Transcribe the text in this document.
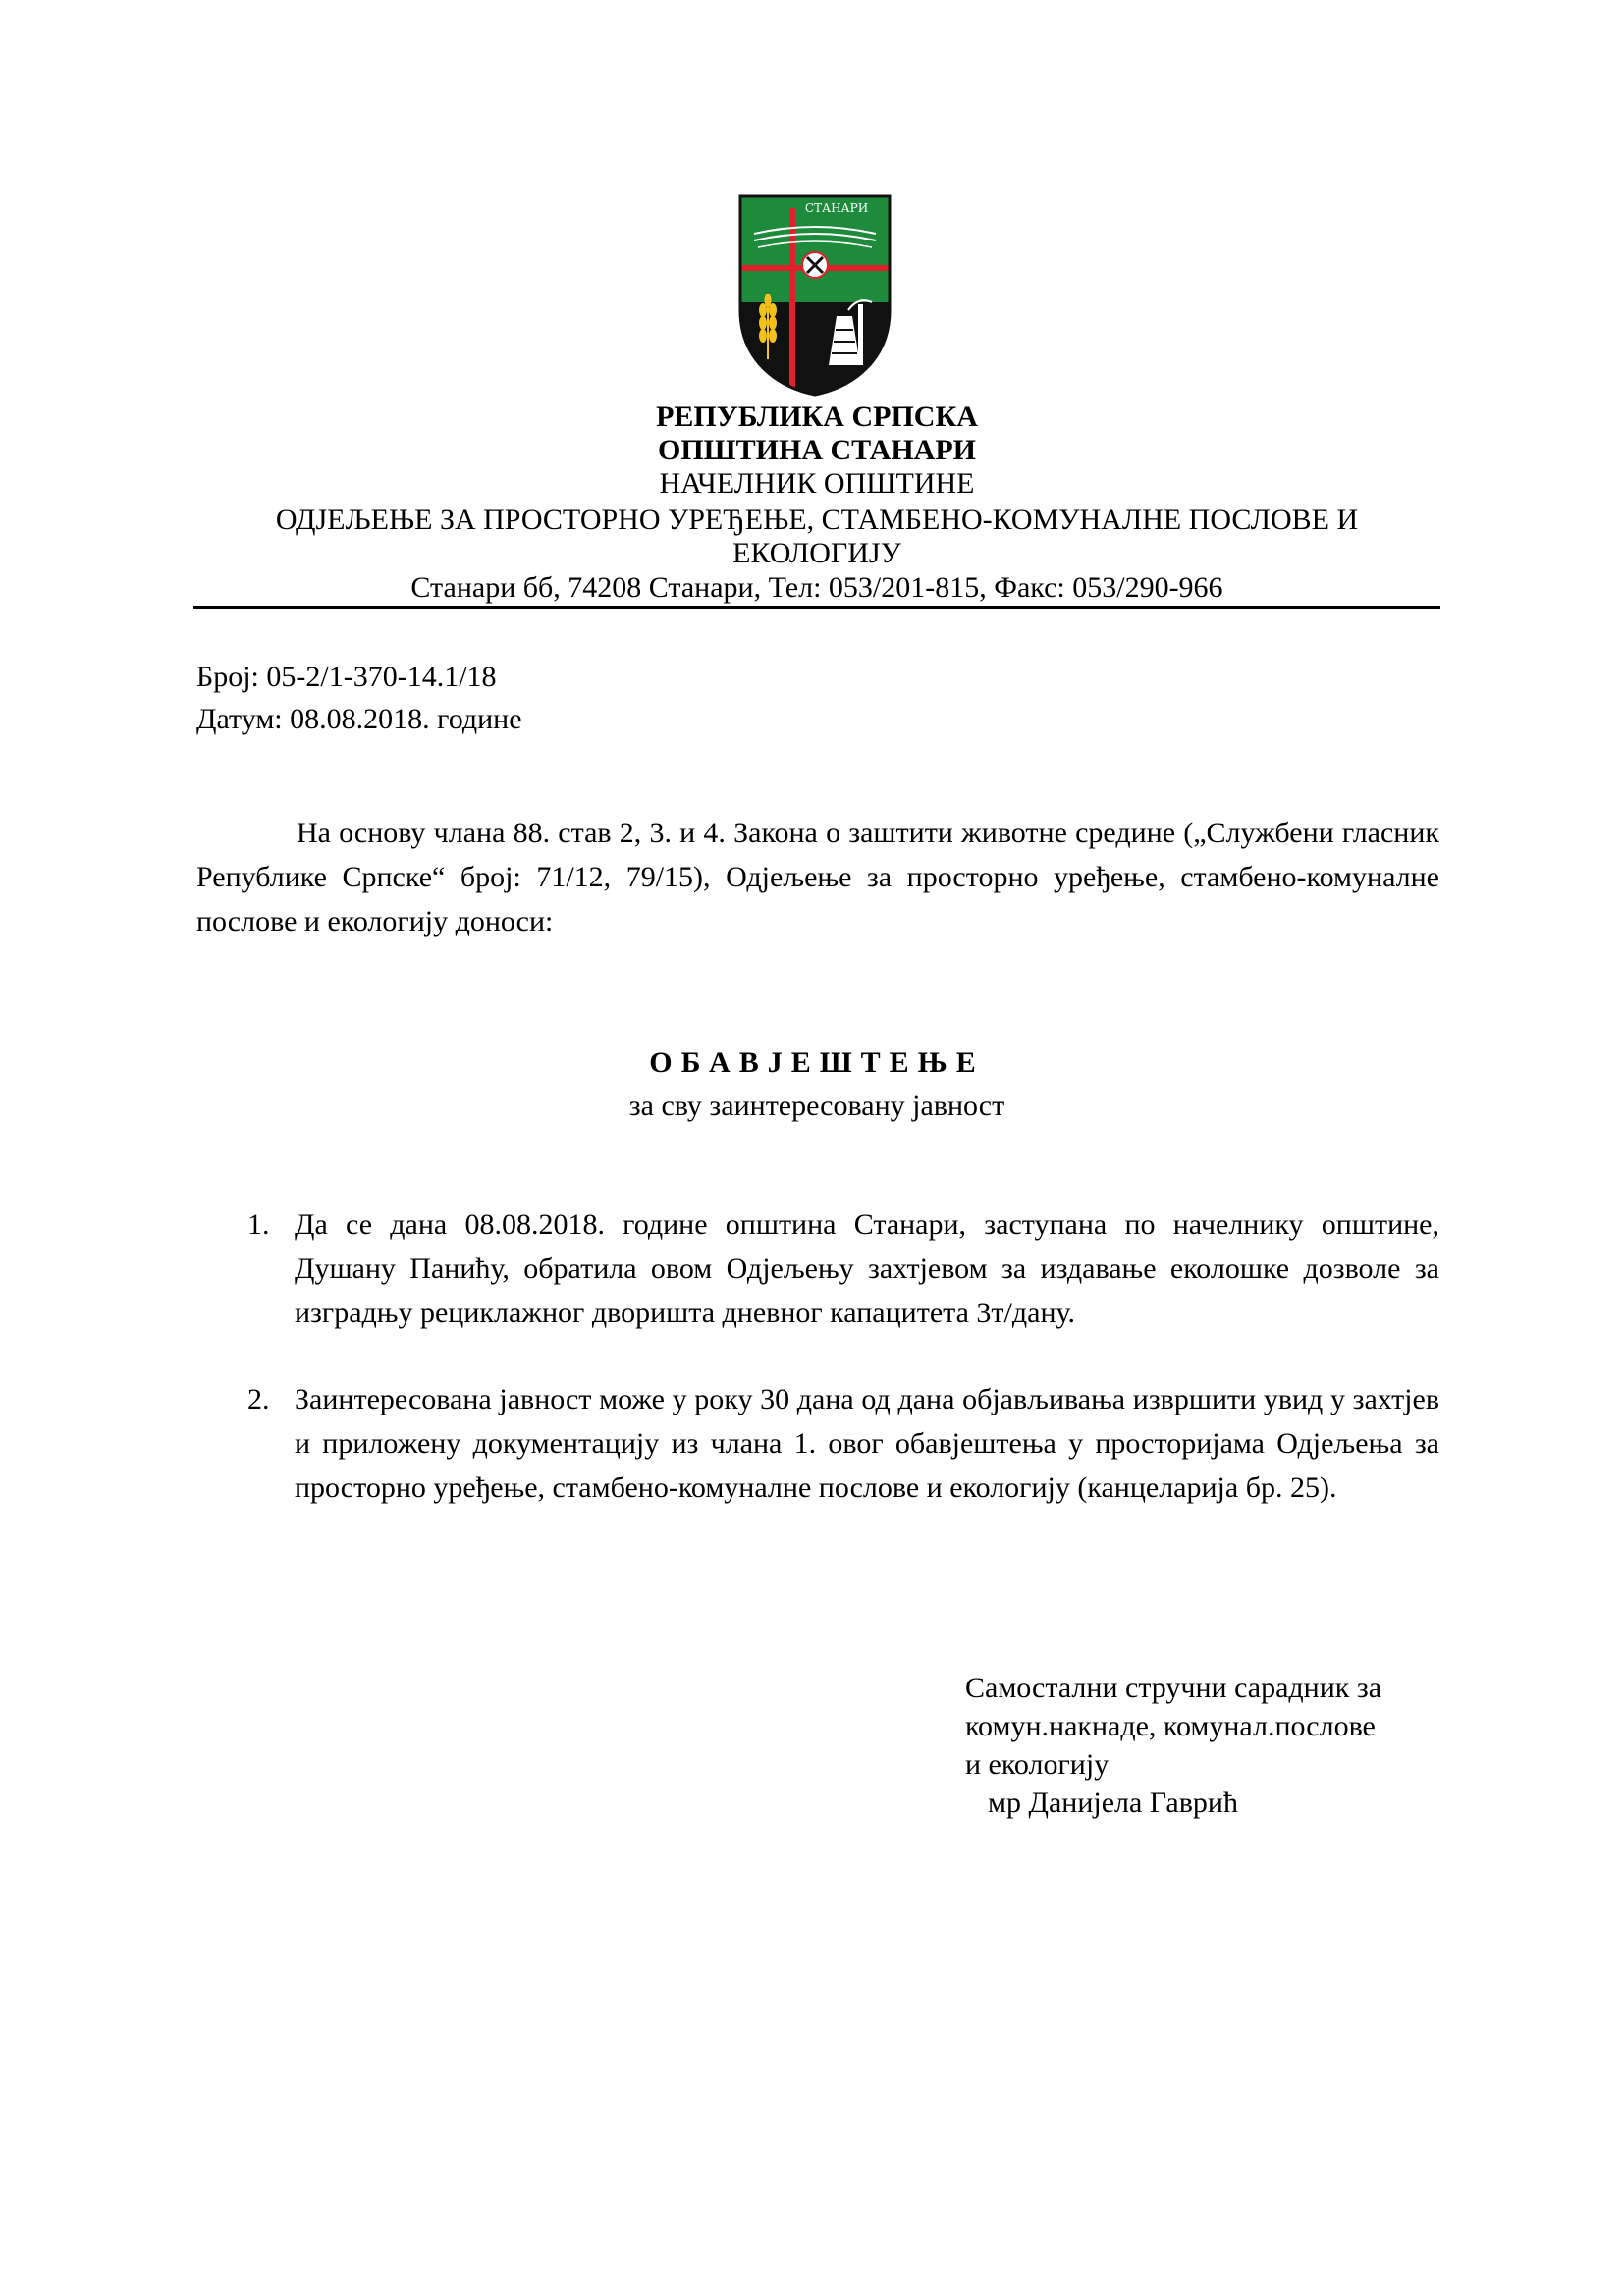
СТАНАРИ
РЕПУБЛИКА СРПСКА
ОПШТИНА СТАНАРИ
НАЧЕЛНИК ОПШТИНЕ
ОДЈЕЉЕЊЕ ЗА ПРОСТОРНО УРЕЂЕЊЕ, СТАМБЕНО-КОМУНАЛНЕ ПОСЛОВЕ И
ЕКОЛОГИЈУ
Станари бб, 74208 Станари, Тел: 053/201-815, Факс: 053/290-966
Број: 05-2/1-370-14.1/18
Датум: 08.08.2018. године

На основу члана 88. став 2, 3. и 4. Закона о заштити животне средине („Службени гласник Републике Српске“ број: 71/12, 79/15), Одјељење за просторно уређење, стамбено-комуналне послове и екологију доноси:

ОБАВЈЕШТЕЊЕ
за сву заинтересовану јавност
1. Да се дана 08.08.2018. године општина Станари, заступана по начелнику општине, Душану Панићу, обратила овом Одјељењу захтјевом за издавање еколошке дозволе за изградњу рециклажног дворишта дневног капацитета 3т/дану.

2. Заинтересована јавност може у року 30 дана од дана објављивања извршити увид у захтјев и приложену документацију из члана 1. овог обавјештења у просторијама Одјељења за просторно уређење, стамбено-комуналне послове и екологију (канцеларија бр. 25).

Самостални стручни сарадник за
комун.накнаде, комунал.послове
и екологију
мр Данијела Гаврић
